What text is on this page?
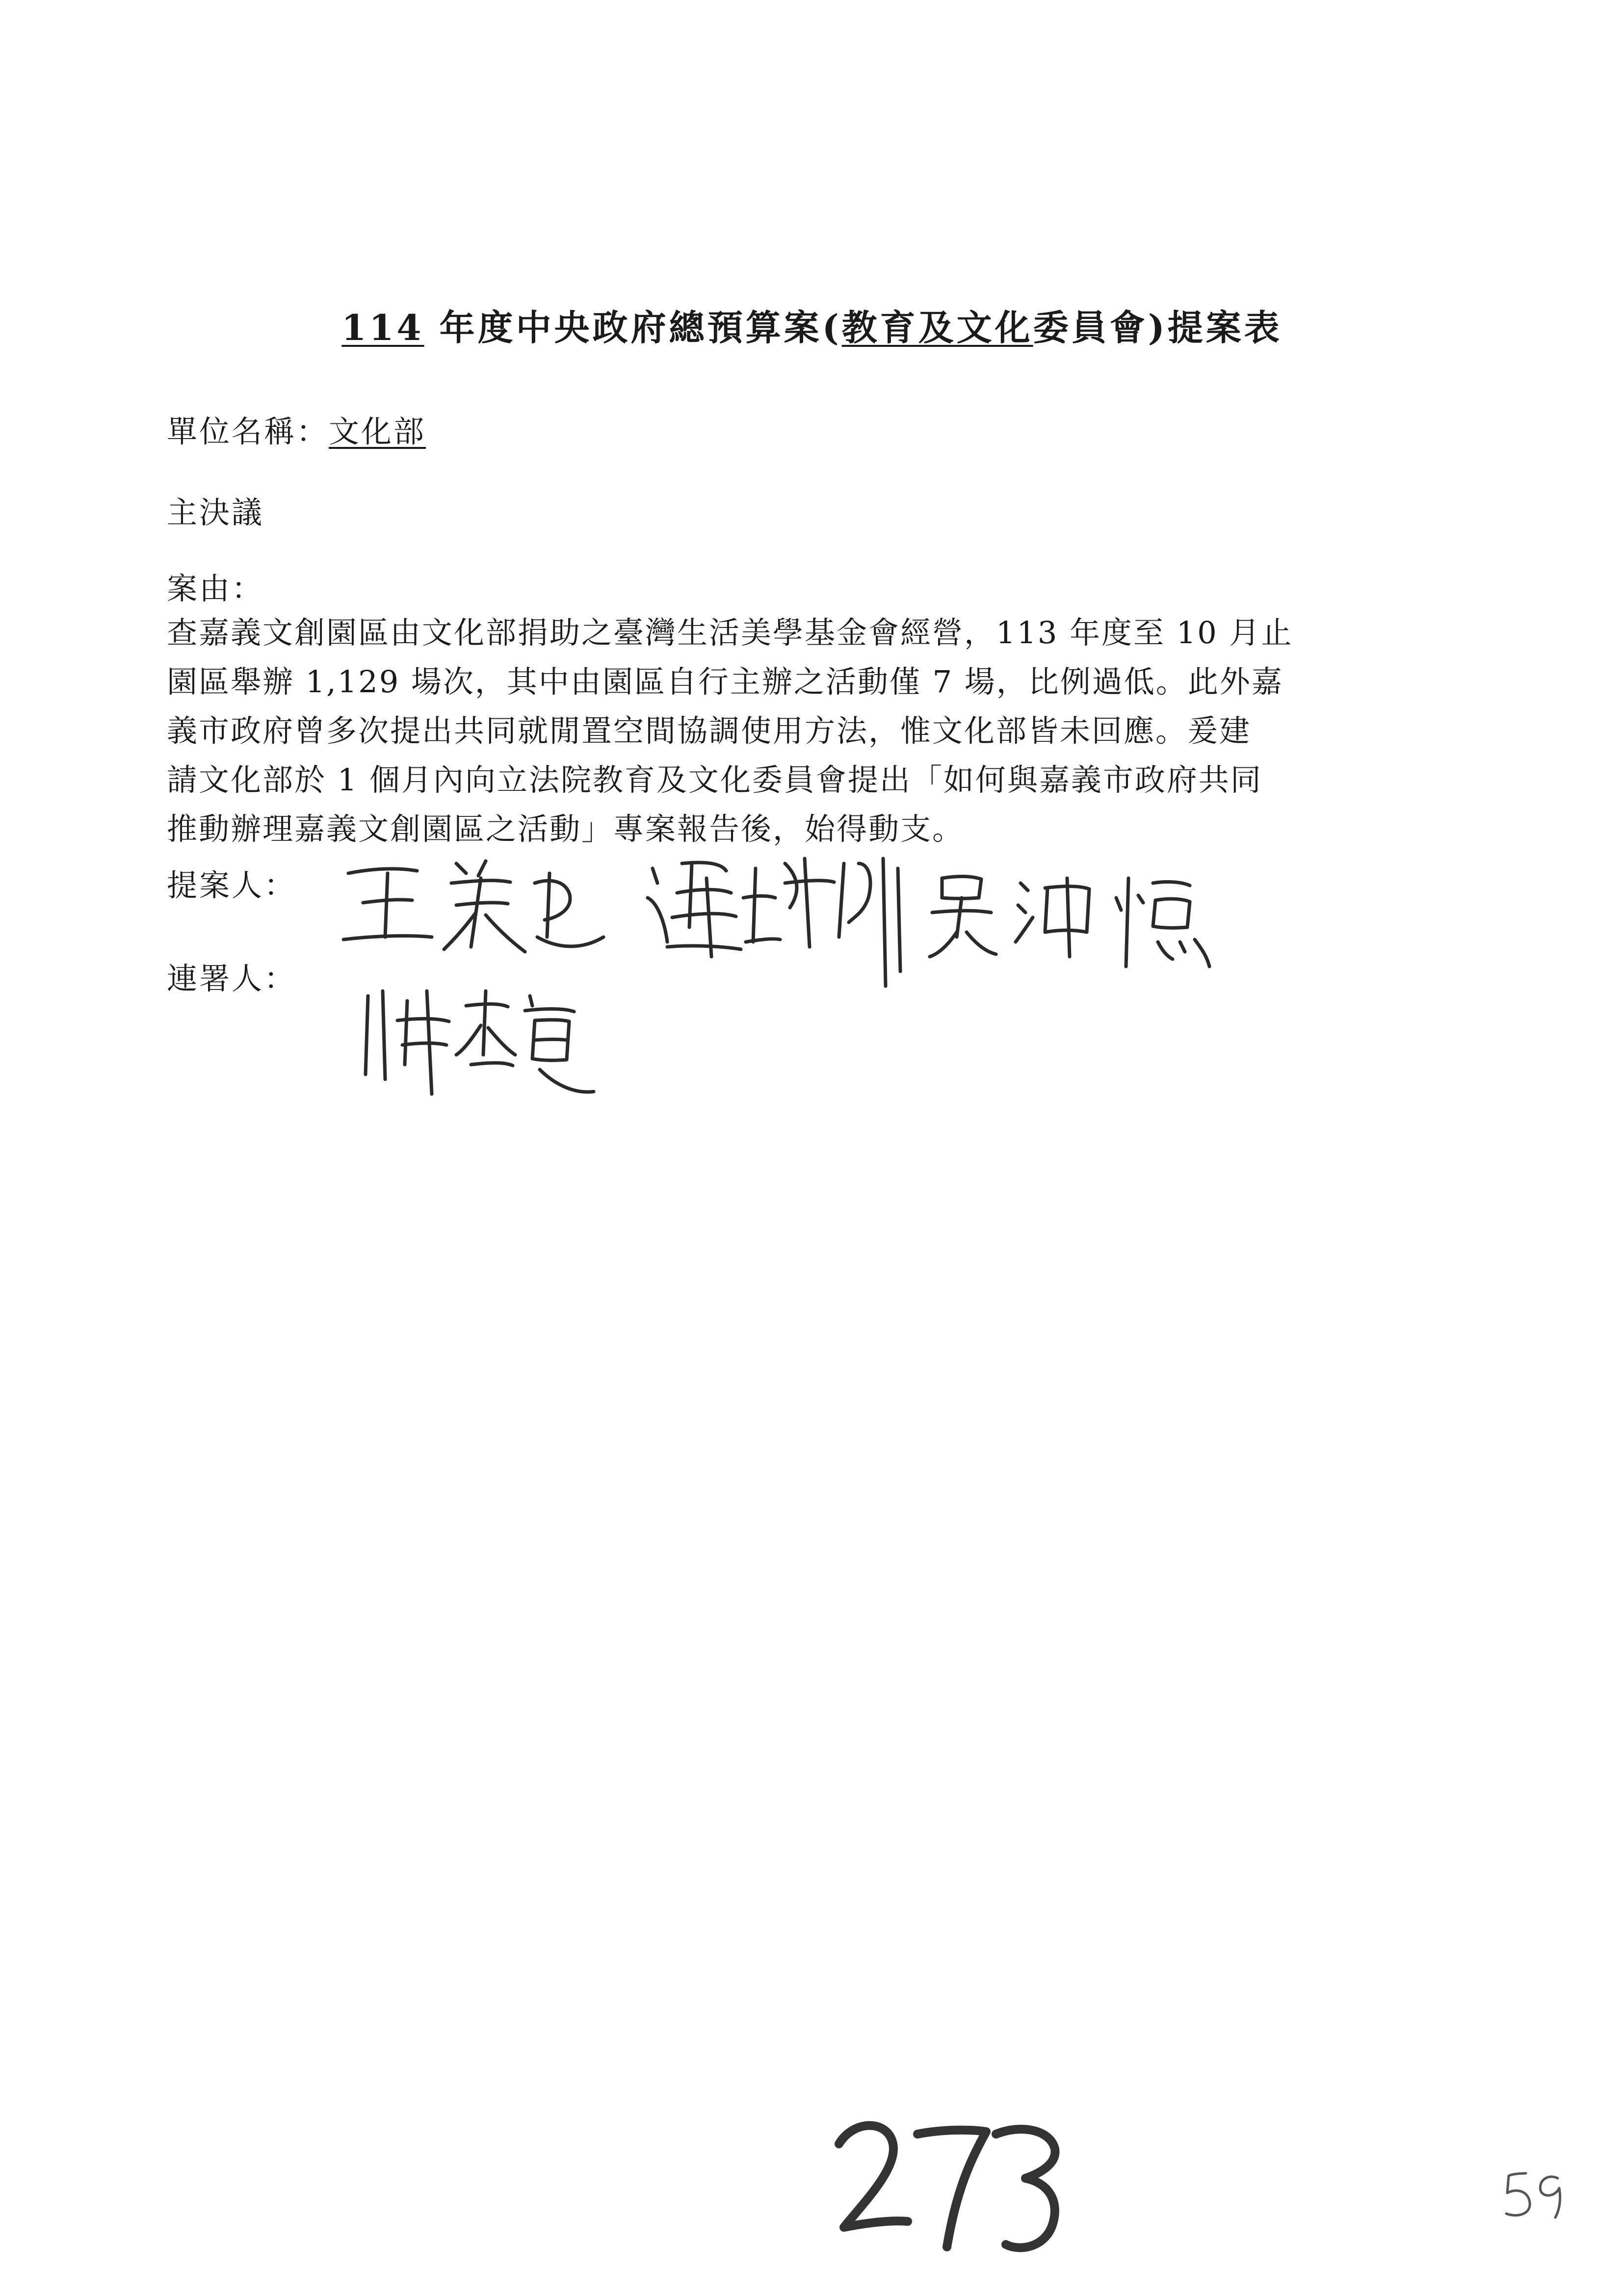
114 年度中央政府總預算案(教育及文化委員會)提案表
單位名稱：文化部
主決議
案由：
查嘉義文創園區由文化部捐助之臺灣生活美學基金會經營，113 年度至 10 月止
園區舉辦 1,129 場次，其中由園區自行主辦之活動僅 7 場，比例過低。此外嘉
義市政府曾多次提出共同就閒置空間協調使用方法，惟文化部皆未回應。爰建
請文化部於 1 個月內向立法院教育及文化委員會提出「如何與嘉義市政府共同
推動辦理嘉義文創園區之活動」專案報告後，始得動支。
提案人：
連署人：
